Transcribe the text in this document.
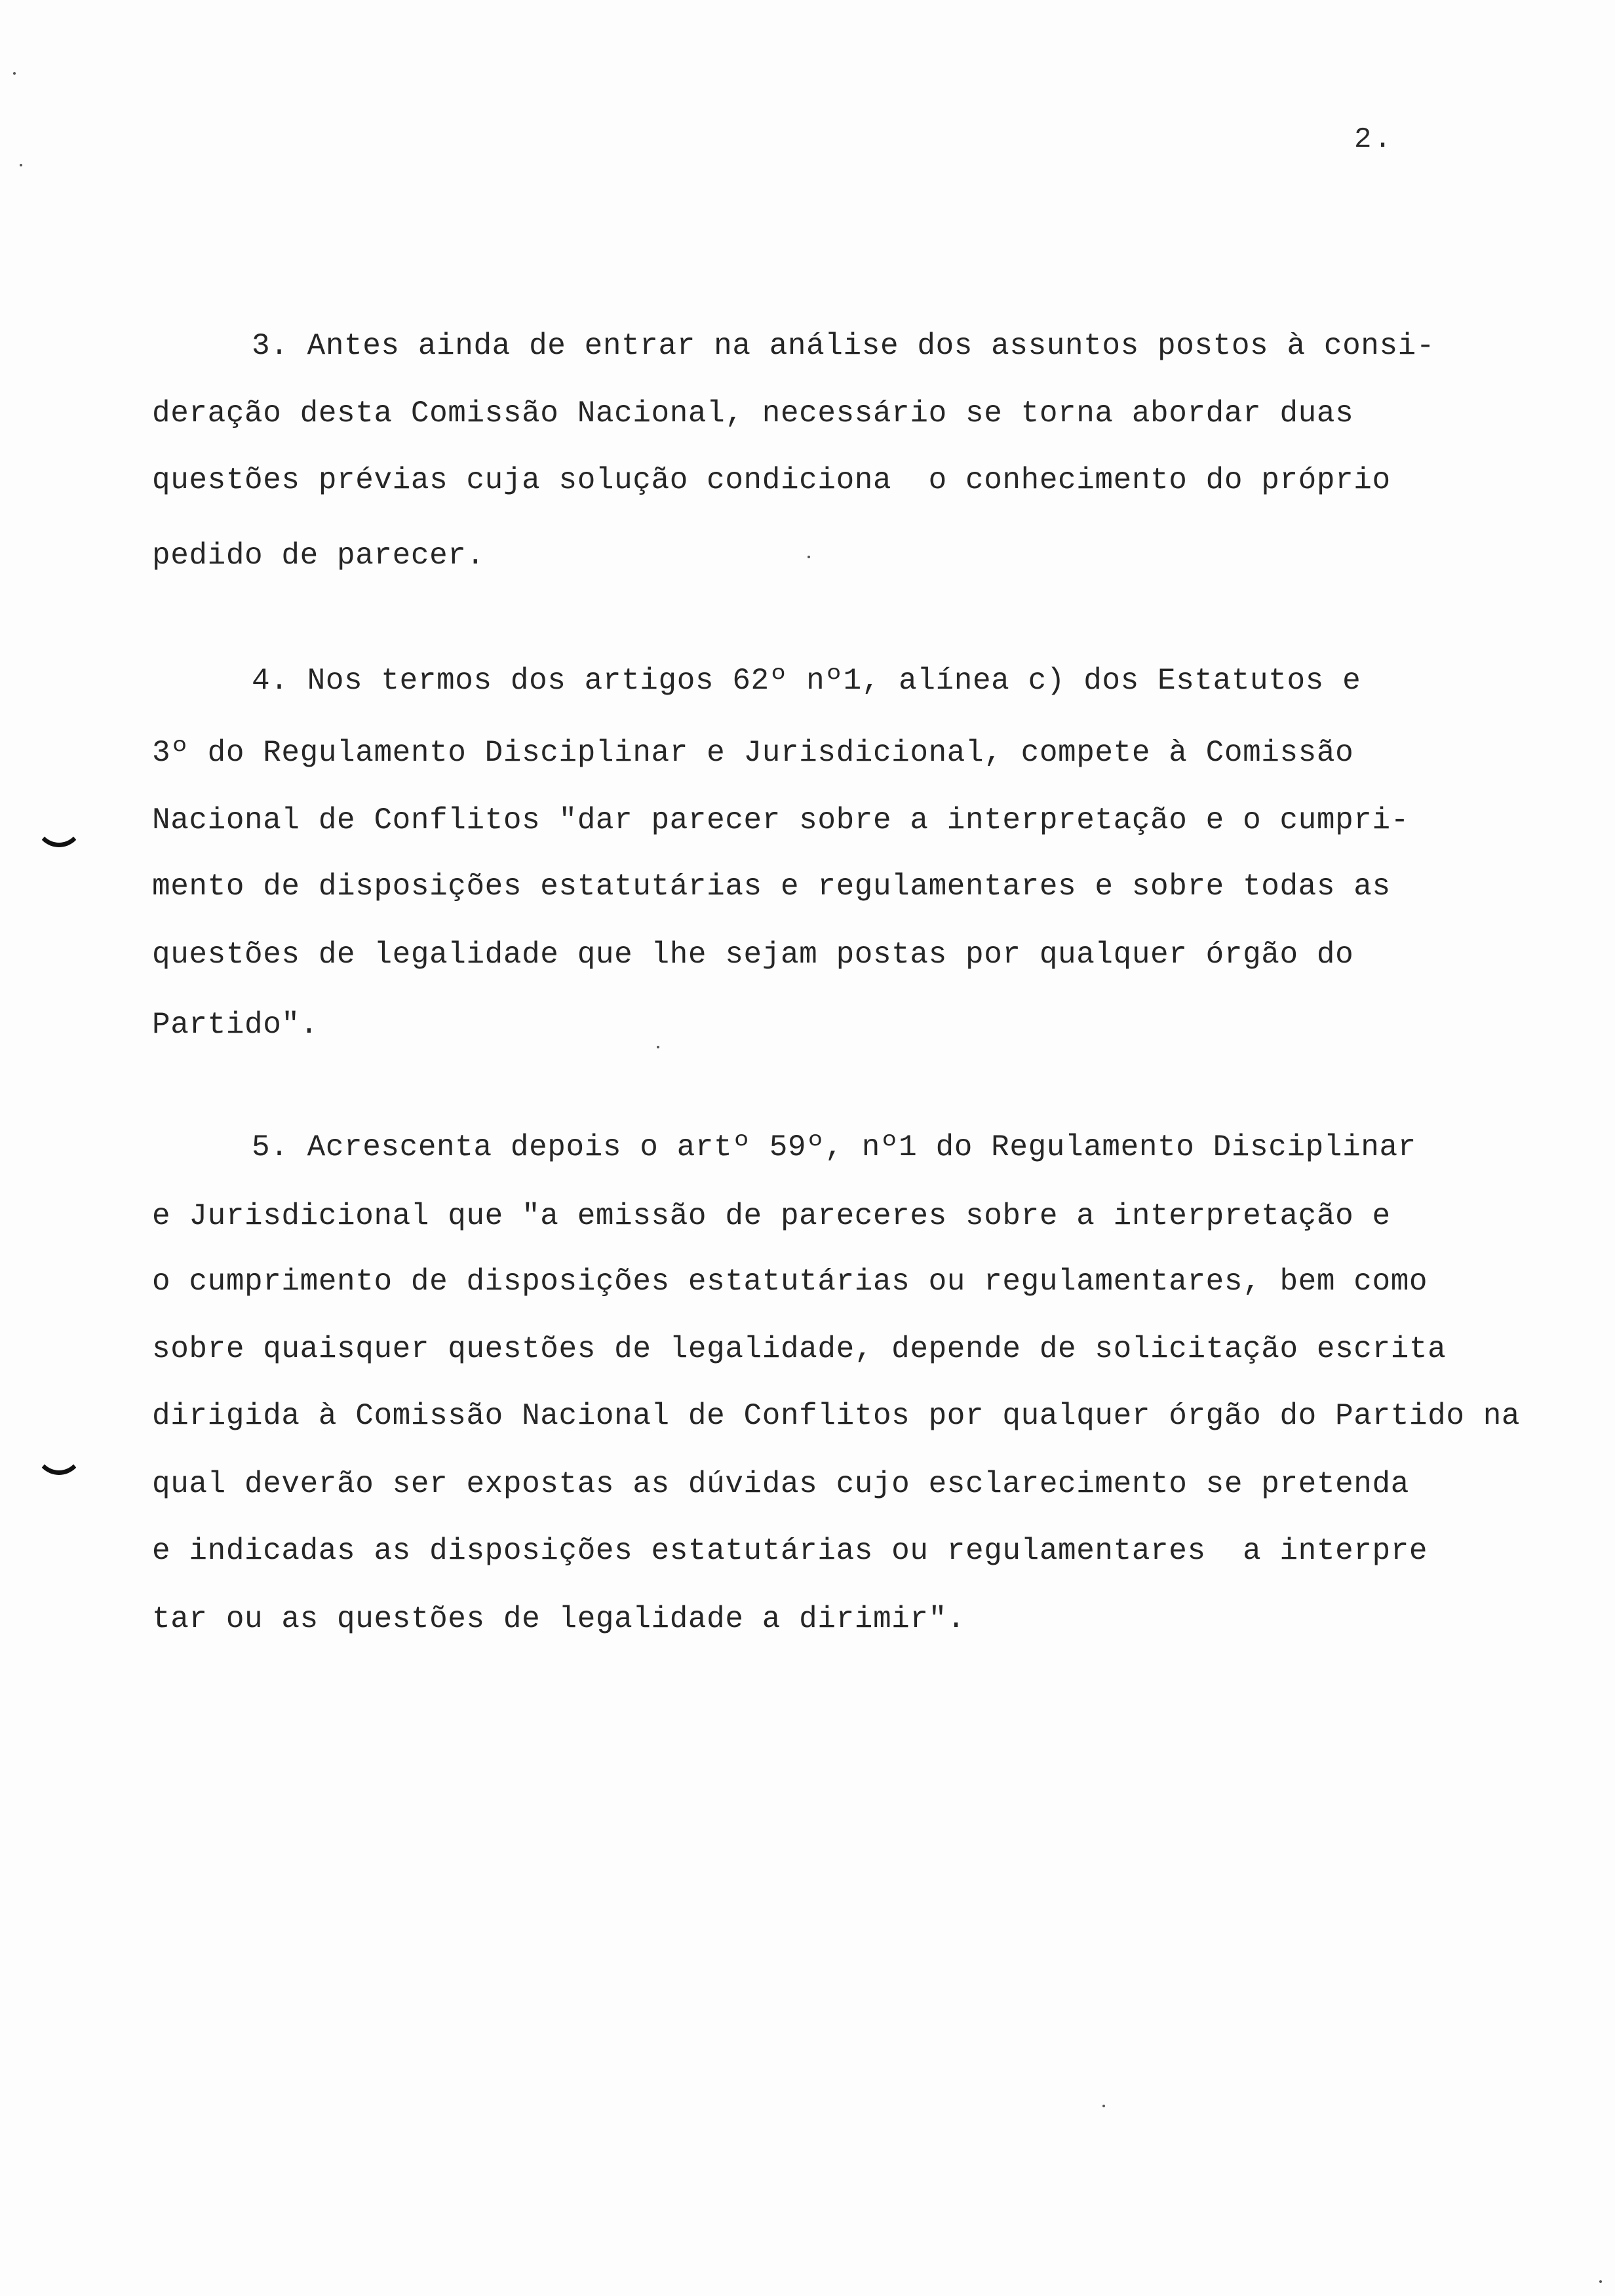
2.
3. Antes ainda de entrar na análise dos assuntos postos à consi-
deração desta Comissão Nacional, necessário se torna abordar duas
questões prévias cuja solução condiciona  o conhecimento do próprio
pedido de parecer.
4. Nos termos dos artigos 62º nº1, alínea c) dos Estatutos e
3º do Regulamento Disciplinar e Jurisdicional, compete à Comissão
Nacional de Conflitos "dar parecer sobre a interpretação e o cumpri-
mento de disposições estatutárias e regulamentares e sobre todas as
questões de legalidade que lhe sejam postas por qualquer órgão do
Partido".
5. Acrescenta depois o artº 59º, nº1 do Regulamento Disciplinar
e Jurisdicional que "a emissão de pareceres sobre a interpretação e
o cumprimento de disposições estatutárias ou regulamentares, bem como
sobre quaisquer questões de legalidade, depende de solicitação escrita
dirigida à Comissão Nacional de Conflitos por qualquer órgão do Partido na
qual deverão ser expostas as dúvidas cujo esclarecimento se pretenda
e indicadas as disposições estatutárias ou regulamentares  a interpre
tar ou as questões de legalidade a dirimir".
